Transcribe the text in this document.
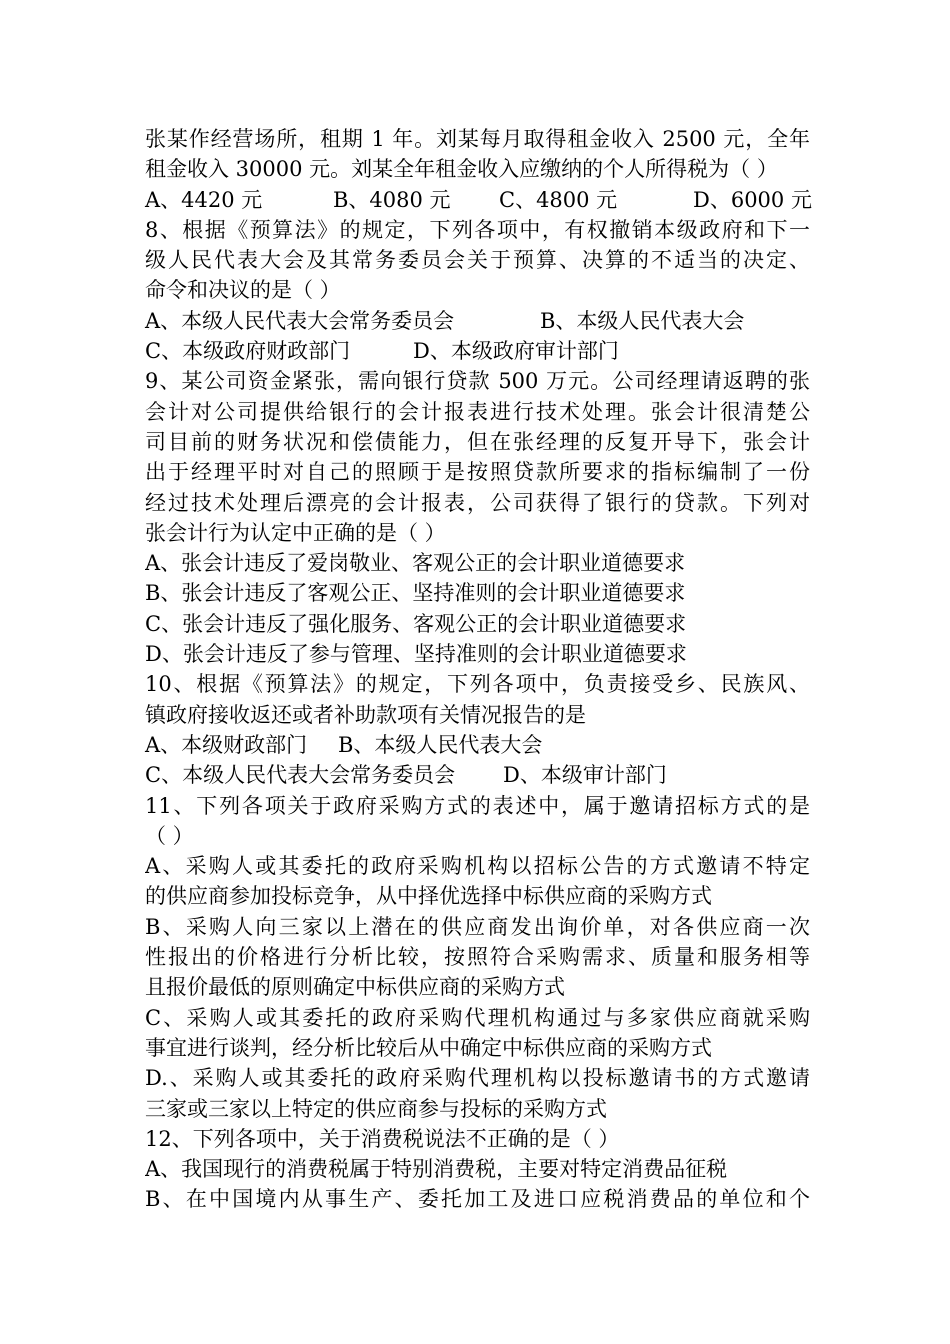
张某作经营场所，租期 1 年。刘某每月取得租金收入 2500 元，全年
租金收入 30000 元。刘某全年租金收入应缴纳的个人所得税为（ ）
A、4420 元	B、4080 元	C、4800 元	D、6000 元
8、根据《预算法》的规定，下列各项中，有权撤销本级政府和下一
级人民代表大会及其常务委员会关于预算、决算的不适当的决定、
命令和决议的是（ ）
A、本级人民代表大会常务委员会	B、本级人民代表大会
C、本级政府财政部门	D、本级政府审计部门
9、某公司资金紧张，需向银行贷款 500 万元。公司经理请返聘的张
会计对公司提供给银行的会计报表进行技术处理。张会计很清楚公
司目前的财务状况和偿债能力，但在张经理的反复开导下，张会计
出于经理平时对自己的照顾于是按照贷款所要求的指标编制了一份
经过技术处理后漂亮的会计报表，公司获得了银行的贷款。下列对
张会计行为认定中正确的是（ ）
A、张会计违反了爱岗敬业、客观公正的会计职业道德要求
B、张会计违反了客观公正、坚持准则的会计职业道德要求
C、张会计违反了强化服务、客观公正的会计职业道德要求
D、张会计违反了参与管理、坚持准则的会计职业道德要求
10、根据《预算法》的规定，下列各项中，负责接受乡、民族风、
镇政府接收返还或者补助款项有关情况报告的是
A、本级财政部门	B、本级人民代表大会
C、本级人民代表大会常务委员会	D、本级审计部门
11、下列各项关于政府采购方式的表述中，属于邀请招标方式的是
（ ）
A、采购人或其委托的政府采购机构以招标公告的方式邀请不特定
的供应商参加投标竞争，从中择优选择中标供应商的采购方式
B、采购人向三家以上潜在的供应商发出询价单，对各供应商一次
性报出的价格进行分析比较，按照符合采购需求、质量和服务相等
且报价最低的原则确定中标供应商的采购方式
C、采购人或其委托的政府采购代理机构通过与多家供应商就采购
事宜进行谈判，经分析比较后从中确定中标供应商的采购方式
D.、采购人或其委托的政府采购代理机构以投标邀请书的方式邀请
三家或三家以上特定的供应商参与投标的采购方式
12、下列各项中，关于消费税说法不正确的是（ ）
A、我国现行的消费税属于特别消费税，主要对特定消费品征税
B、在中国境内从事生产、委托加工及进口应税消费品的单位和个
